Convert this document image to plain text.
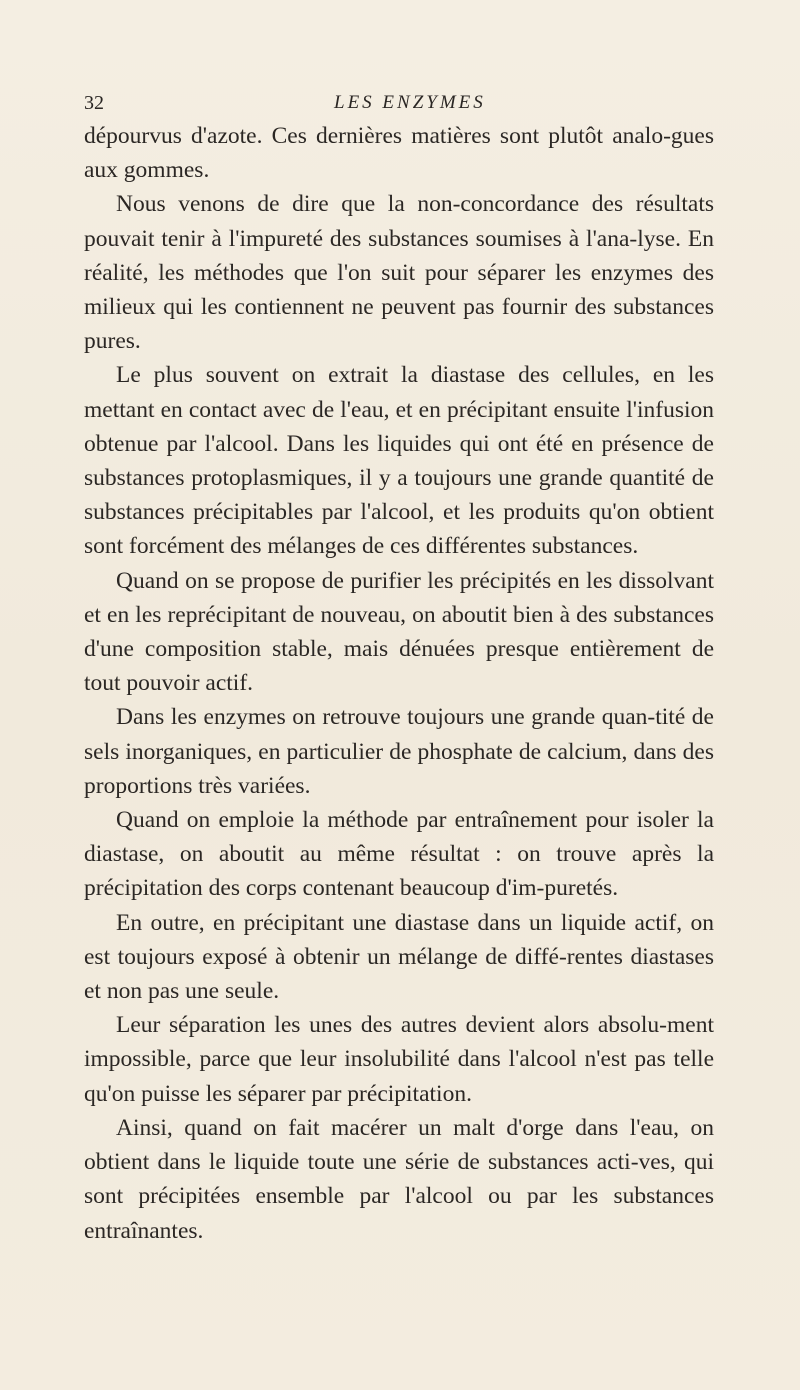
32	LES ENZYMES

dépourvus d'azote. Ces dernières matières sont plutôt analo-gues aux gommes.

Nous venons de dire que la non-concordance des résultats pouvait tenir à l'impureté des substances soumises à l'ana-lyse. En réalité, les méthodes que l'on suit pour séparer les enzymes des milieux qui les contiennent ne peuvent pas fournir des substances pures.

Le plus souvent on extrait la diastase des cellules, en les mettant en contact avec de l'eau, et en précipitant ensuite l'infusion obtenue par l'alcool. Dans les liquides qui ont été en présence de substances protoplasmiques, il y a toujours une grande quantité de substances précipitables par l'alcool, et les produits qu'on obtient sont forcément des mélanges de ces différentes substances.

Quand on se propose de purifier les précipités en les dissolvant et en les reprécipitant de nouveau, on aboutit bien à des substances d'une composition stable, mais dénuées presque entièrement de tout pouvoir actif.

Dans les enzymes on retrouve toujours une grande quan-tité de sels inorganiques, en particulier de phosphate de calcium, dans des proportions très variées.

Quand on emploie la méthode par entraînement pour isoler la diastase, on aboutit au même résultat : on trouve après la précipitation des corps contenant beaucoup d'im-puretés.

En outre, en précipitant une diastase dans un liquide actif, on est toujours exposé à obtenir un mélange de diffé-rentes diastases et non pas une seule.

Leur séparation les unes des autres devient alors absolu-ment impossible, parce que leur insolubilité dans l'alcool n'est pas telle qu'on puisse les séparer par précipitation.

Ainsi, quand on fait macérer un malt d'orge dans l'eau, on obtient dans le liquide toute une série de substances acti-ves, qui sont précipitées ensemble par l'alcool ou par les substances entraînantes.
